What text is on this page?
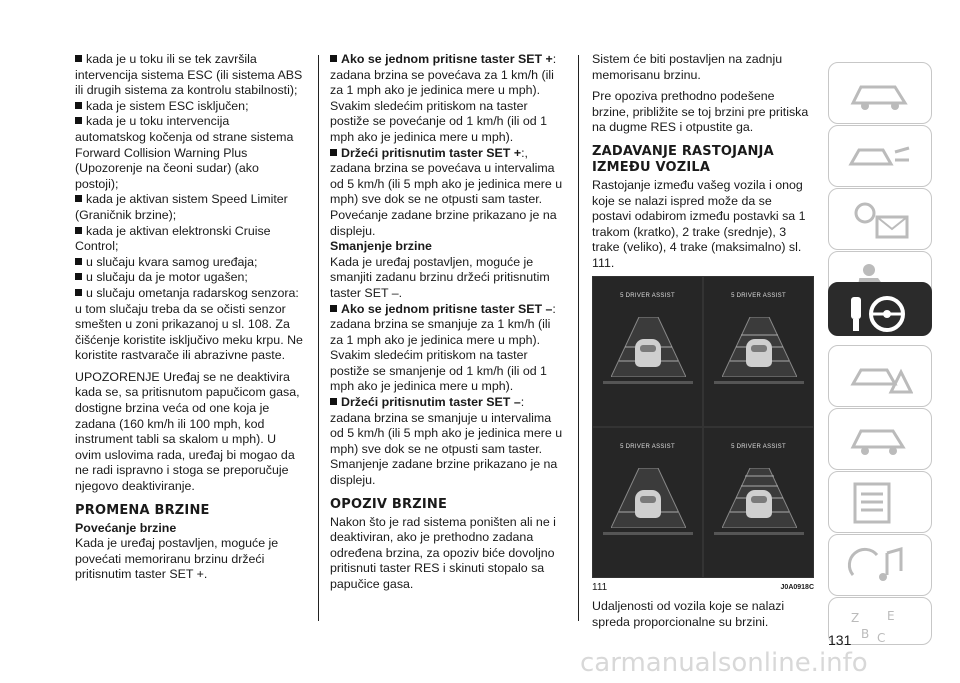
kada je u toku ili se tek završila intervencija sistema ESC (ili sistema ABS ili drugih sistema za kontrolu stabilnosti);

kada je sistem ESC isključen;

kada je u toku intervencija automatskog kočenja od strane sistema Forward Collision Warning Plus (Upozorenje na čeoni sudar) (ako postoji);

kada je aktivan sistem Speed Limiter (Graničnik brzine);

kada je aktivan elektronski Cruise Control;

u slučaju kvara samog uređaja;

u slučaju da je motor ugašen;

u slučaju ometanja radarskog senzora: u tom slučaju treba da se očisti senzor smešten u zoni prikazanoj u sl. 108. Za čišćenje koristite isključivo meku krpu. Ne koristite rastvarače ili abrazivne paste.

UPOZORENJE Uređaj se ne deaktivira kada se, sa pritisnutom papučicom gasa, dostigne brzina veća od one koja je zadana (160 km/h ili 100 mph, kod instrument tabli sa skalom u mph). U ovim uslovima rada, uređaj bi mogao da ne radi ispravno i stoga se preporučuje njegovo deaktiviranje.

PROMENA BRZINE
Povećanje brzine

Kada je uređaj postavljen, moguće je povećati memoriranu brzinu držeći pritisnutim taster SET +.

Ako se jednom pritisne taster SET +: zadana brzina se povećava za 1 km/h (ili za 1 mph ako je jedinica mere u mph). Svakim sledećim pritiskom na taster postiže se povećanje od 1 km/h (ili od 1 mph ako je jedinica mere u mph).

Držeći pritisnutim taster SET +:, zadana brzina se povećava u intervalima od 5 km/h (ili 5 mph ako je jedinica mere u mph) sve dok se ne otpusti sam taster. Povećanje zadane brzine prikazano je na displeju.

Smanjenje brzine

Kada je uređaj postavljen, moguće je smanjiti zadanu brzinu držeći pritisnutim taster SET –.

Ako se jednom pritisne taster SET –: zadana brzina se smanjuje za 1 km/h (ili za 1 mph ako je jedinica mere u mph). Svakim sledećim pritiskom na taster postiže se smanjenje od 1 km/h (ili od 1 mph ako je jedinica mere u mph).

Držeći pritisnutim taster SET –: zadana brzina se smanjuje u intervalima od 5 km/h (ili 5 mph ako je jedinica mere u mph) sve dok se ne otpusti sam taster. Smanjenje zadane brzine prikazano je na displeju.

OPOZIV BRZINE

Nakon što je rad sistema poništen ali ne i deaktiviran, ako je prethodno zadana određena brzina, za opoziv biće dovoljno pritisnuti taster RES i skinuti stopalo sa papučice gasa.

Sistem će biti postavljen na zadnju memorisanu brzinu.

Pre opoziva prethodno podešene brzine, približite se toj brzini pre pritiska na dugme RES i otpustite ga.

ZADAVANJE RASTOJANJA IZMEĐU VOZILA

Rastojanje između vašeg vozila i onog koje se nalazi ispred može da se postavi odabirom između postavki sa 1 trakom (kratko), 2 trake (srednje), 3 trake (veliko), 4 trake (maksimalno) sl. 111.

5 DRIVER ASSIST	5 DRIVER ASSIST
5 DRIVER ASSIST	5 DRIVER ASSIST
111	J0A0918C

Udaljenosti od vozila koje se nalazi spreda proporcionalne su brzini.	Z E
B C
131
carmanualsonline.info
